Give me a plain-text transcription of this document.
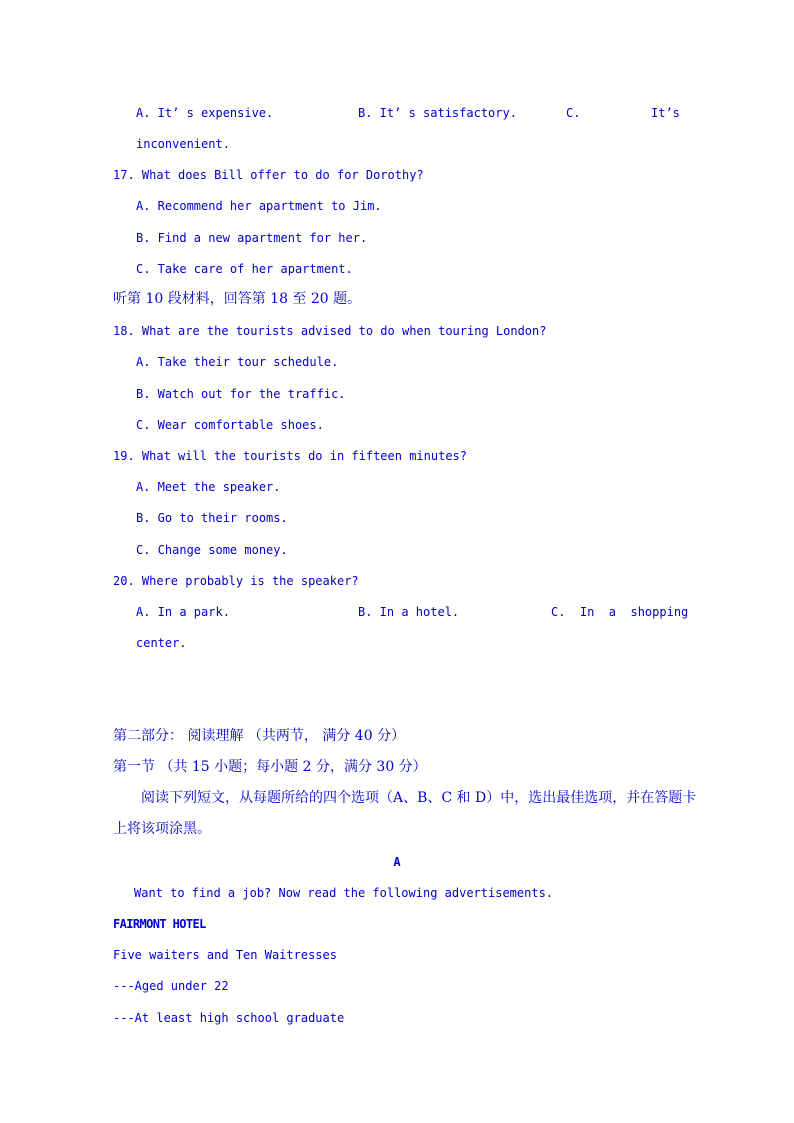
A. It’ s expensive.	B. It’ s satisfactory.	C.	It’s
inconvenient.
17. What does Bill offer to do for Dorothy?
A. Recommend her apartment to Jim.
B. Find a new apartment for her.
C. Take care of her apartment.
听第 10 段材料，回答第 18 至 20 题。
18. What are the tourists advised to do when touring London?
A. Take their tour schedule.
B. Watch out for the traffic.
C. Wear comfortable shoes.
19. What will the tourists do in fifteen minutes?
A. Meet the speaker.
B. Go to their rooms.
C. Change some money.
20. Where probably is the speaker?
A. In a park.	B. In a hotel.	C.  In  a  shopping
center.
第二部分： 阅读理解 （共两节， 满分 40 分）
第一节 （共 15 小题；每小题 2 分，满分 30 分）
阅读下列短文，从每题所给的四个选项（A、B、C 和 D）中，选出最佳选项，并在答题卡
上将该项涂黑。
A
Want to find a job? Now read the following advertisements.
FAIRMONT HOTEL
Five waiters and Ten Waitresses
---Aged under 22
---At least high school graduate
